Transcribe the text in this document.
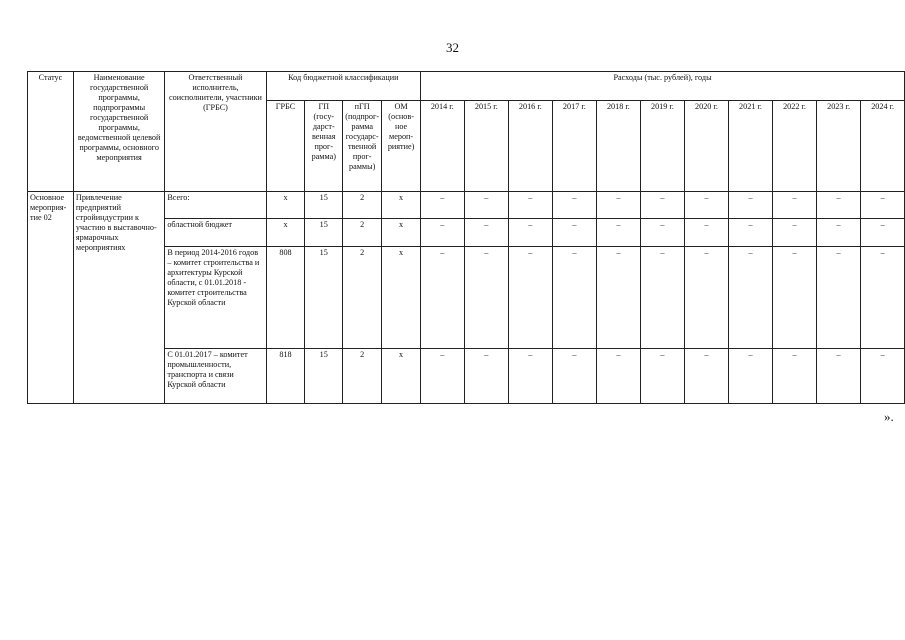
32
Статус	Наименование государственной программы, подпрограммы государственной программы, ведомственной целевой программы, основного мероприятия	Ответственный исполнитель, соисполнители, участники (ГРБС)	Код бюджетной классификации				Расходы (тыс. рублей), годы										
			ГРБС	ГП (госу-дарст-венная прог-рамма)	пГП (подпрог-рамма государс-твенной прог-раммы)	ОМ (основ-ное мероп-риятие)	2014 г.	2015 г.	2016 г.	2017 г.	2018 г.	2019 г.	2020 г.	2021 г.	2022 г.	2023 г.	2024 г.
Основное мероприя-тие 02	Привлечение предприятий стройиндустрии к участию в выставочно-ярмарочных мероприятиях	Всего:	х	15	2	х	–	–	–	–	–	–	–	–	–	–	–
		областной бюджет	х	15	2	х	–	–	–	–	–	–	–	–	–	–	–
		В период 2014-2016 годов – комитет строительства и архитектуры Курской области, с 01.01.2018 - комитет строительства Курской области	808	15	2	х	–	–	–	–	–	–	–	–	–	–	–
		С 01.01.2017 – комитет промышленности, транспорта и связи Курской области	818	15	2	х	–	–	–	–	–	–	–	–	–	–	–
».
